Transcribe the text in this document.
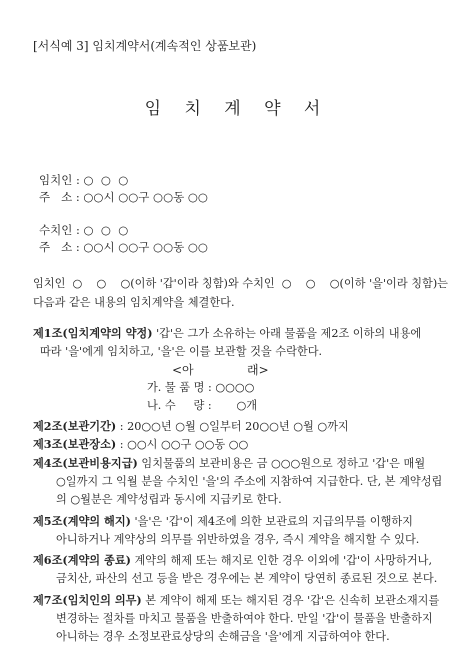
[서식예 3] 임치계약서(계속적인 상품보관)
임 치 계 약 서
임치인 : ○  ○  ○
주   소 : ○○시 ○○구 ○○동 ○○
수치인 : ○  ○  ○
주   소 : ○○시 ○○구 ○○동 ○○
임치인  ○    ○    ○(이하 '갑'이라 칭함)와 수치인  ○    ○    ○(이하 '을'이라 칭함)는
다음과 같은 내용의 임치계약을 체결한다.
제1조(임치계약의 약정) '갑'은 그가 소유하는 아래 물품을 제2조 이하의 내용에
따라 '을'에게 임치하고, '을'은 이를 보관할 것을 수락한다.
<아              래>
가. 물 품 명 : ○○○○
나. 수     량 :       ○개
제2조(보관기간) : 20○○년 ○월 ○일부터 20○○년 ○월 ○까지
제3조(보관장소) : ○○시 ○○구 ○○동 ○○
제4조(보관비용지급) 임치물품의 보관비용은 금 ○○○원으로 정하고 '갑'은 매월
○일까지 그 익월 분을 수치인 '을'의 주소에 지참하여 지급한다. 단, 본 계약성립
의 ○월분은 계약성립과 동시에 지급키로 한다.
제5조(계약의 해지) '을'은 '갑'이 제4조에 의한 보관료의 지급의무를 이행하지
아니하거나 계약상의 의무를 위반하였을 경우, 즉시 계약을 해지할 수 있다.
제6조(계약의 종료) 계약의 해제 또는 해지로 인한 경우 이외에 '갑'이 사망하거나,
금치산, 파산의 선고 등을 받은 경우에는 본 계약이 당연히 종료된 것으로 본다.
제7조(임치인의 의무) 본 계약이 해제 또는 해지된 경우 '갑'은 신속히 보관소재지를
변경하는 절차를 마치고 물품을 반출하여야 한다. 만일 '갑'이 물품을 반출하지
아니하는 경우 소정보관료상당의 손해금을 '을'에게 지급하여야 한다.
